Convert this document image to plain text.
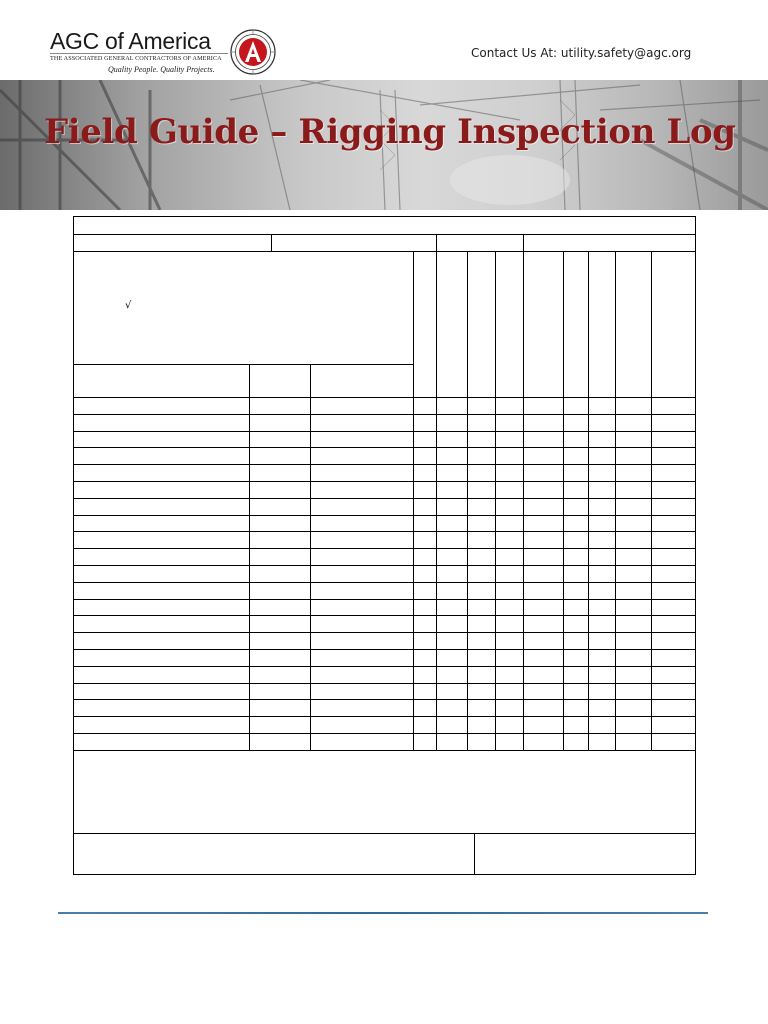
AGC of America
THE ASSOCIATED GENERAL CONTRACTORS OF AMERICA
Quality People. Quality Projects.
Contact Us At: utility.safety@agc.org
Field Guide – Rigging Inspection Log
√
